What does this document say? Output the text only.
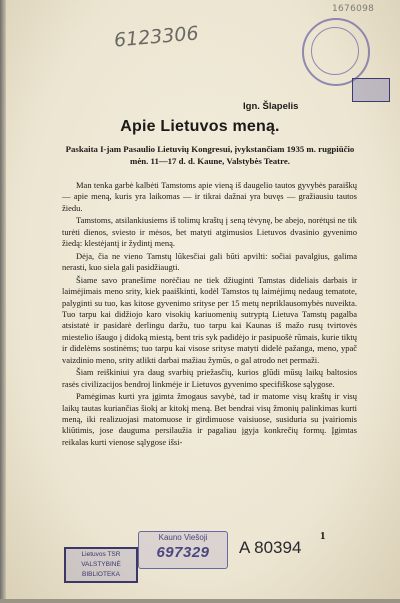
1676098
6123306
Ign. Šlapelis
Apie Lietuvos meną.
Paskaita I-jam Pasaulio Lietuvių Kongresui, įvykstančiam 1935 m. rugpiūčio mėn. 11—17 d. d. Kaune, Valstybės Teatre.

Man tenka garbė kalbėti Tamstoms apie vieną iš daugelio tautos gyvybės paraiškų — apie meną, kuris yra laikomas — ir tikrai dažnai yra buvęs — gražiausiu tautos žiedu.

Tamstoms, atsilankiusiems iš tolimų kraštų į seną tėvynę, be abejo, norėtųsi ne tik turėti dienos, sviesto ir mėsos, bet matyti atgimusios Lietuvos dvasinio gyvenimo žiedą: klestėjantį ir žydintį meną.

Dėja, čia ne vieno Tamstų lūkesčiai gali būti apvilti: sočiai pavalgius, galima nerasti, kuo siela gali pasidžiaugti.

Šiame savo pranešime norėčiau ne tiek džiuginti Tamstas dideliais darbais ir laimėjimais meno srity, kiek paaiškinti, kodėl Tamstos tų laimėjimų nedaug tematote, palyginti su tuo, kas kitose gyvenimo srityse per 15 metų nepriklausomybės nuveikta. Tuo tarpu kai didžiojo karo visokių kariuomenių sutryptą Lietuva Tamstų pagalba atsistatė ir pasidarė derlingu daržu, tuo tarpu kai Kaunas iš mažo rusų tvirtovės miestelio išaugo į didoką miestą, bent tris syk padidėjo ir pasipuošė rūmais, kurie tiktų ir didelėms sostinėms; tuo tarpu kai visose srityse matyti didelė pažanga, meno, ypač vaizdinio meno, srity atlikti darbai mažiau žymūs, o gal atrodo net permaži.

Šiam reiškiniui yra daug svarbių priežasčių, kurios glūdi mūsų laikų baltosios rasės civilizacijos bendroj linkmėje ir Lietuvos gyvenimo specifiškose sąlygose.

Pamėgimas kurti yra įgimta žmogaus savybė, tad ir matome visų kraštų ir visų laikų tautas kuriančias šiokį ar kitokį meną. Bet bendrai visų žmonių palinkimas kurti meną, iki realizuojasi matomuose ir girdimuose vaisiuose, susiduria su įvairiomis kliūtimis, jose dauguma persilaužia ir pagaliau įgyja konkrečių formų. Įgimtas reikalas kurti vienose sąlygose išsi-

Lietuvos TSR
VALSTYBINĖ
BIBLIOTEKA
Kauno Viešoji
697329	A 80394
1
